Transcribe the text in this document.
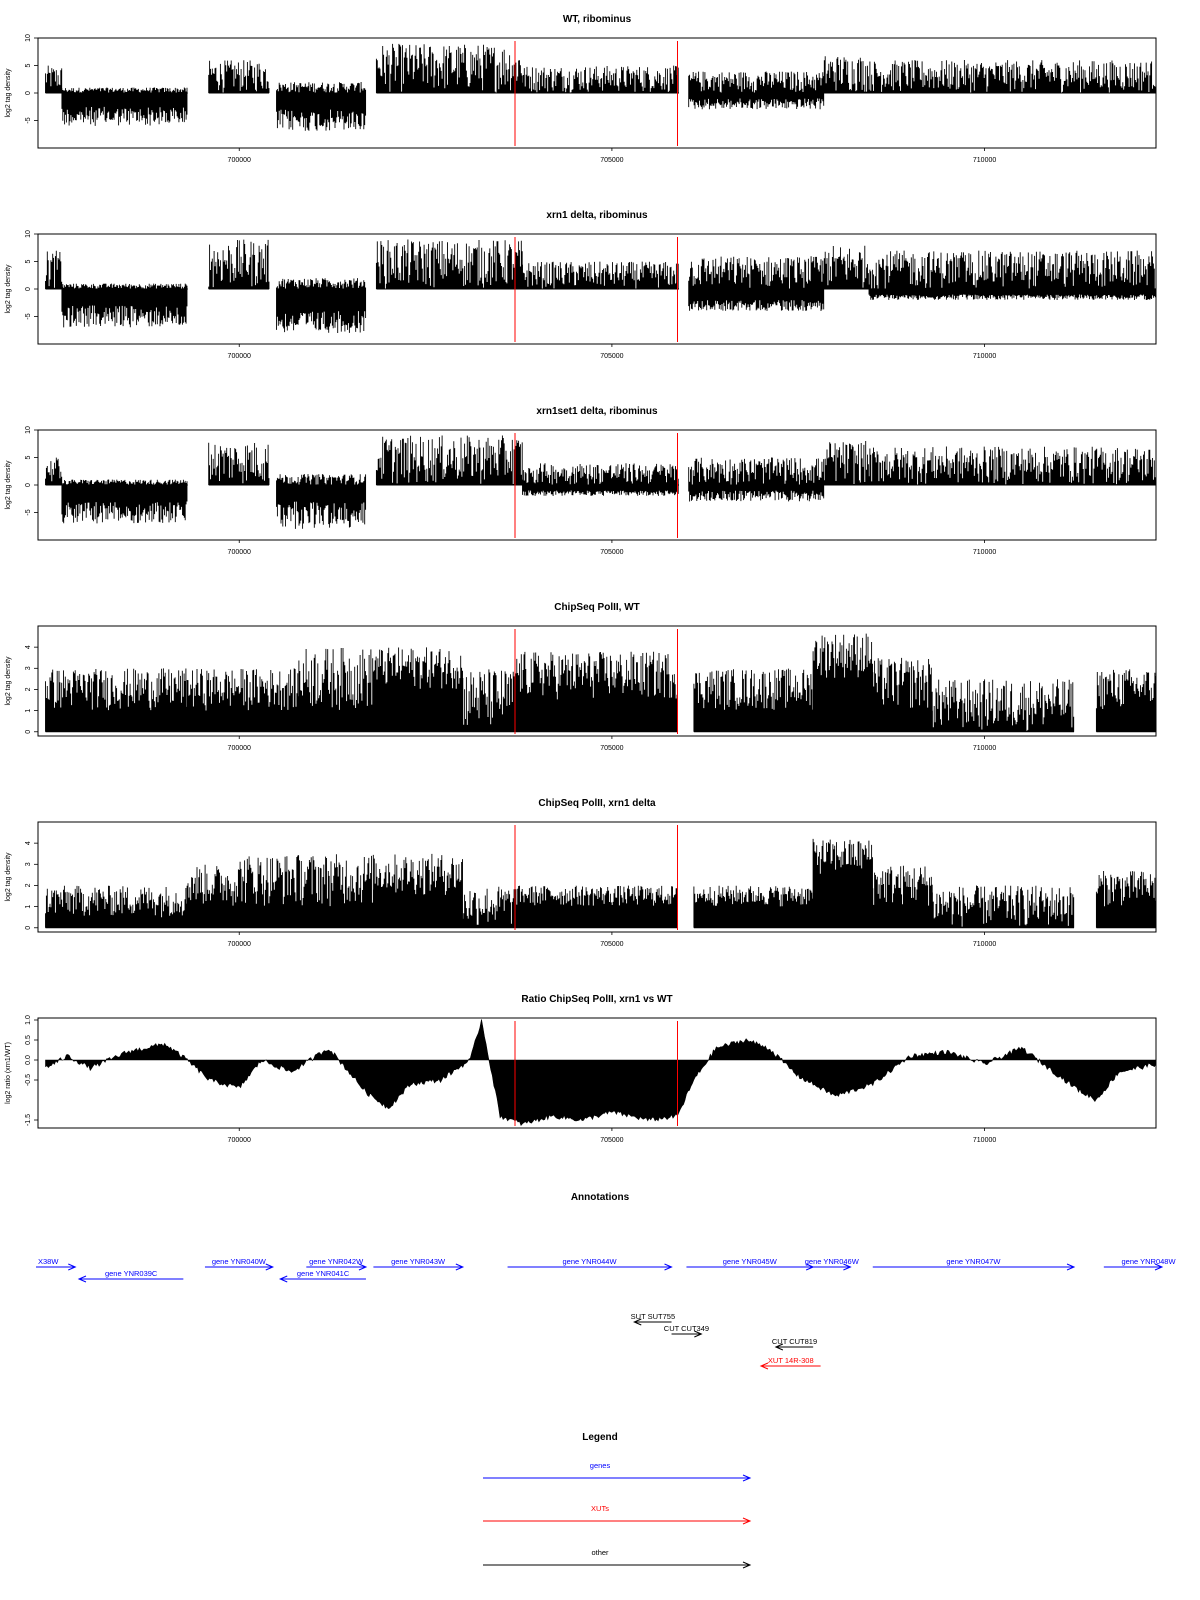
WT, ribominus
-5
0
5
10
log2 tag density
700000	705000	710000
xrn1 delta, ribominus
-5
0
5
10
log2 tag density
700000	705000	710000
xrn1set1 delta, ribominus
-5
0
5
10
log2 tag density
700000	705000	710000
ChipSeq PolII, WT
0
1
2
3
4
log2 tag density
700000	705000	710000
ChipSeq PolII, xrn1 delta
0
1
2
3
4
log2 tag density
700000	705000	710000
Ratio ChipSeq PolII, xrn1 vs WT
-1.5
-0.5
0.0
0.5
1.0
log2 ratio (xrn1/WT)
700000	705000	710000
Annotations
X38W
gene YNR039C
gene YNR040W
gene YNR041C
gene YNR042W	gene YNR043W	gene YNR044W	gene YNR045W	gene YNR046W	gene YNR047W	gene YNR048W
SUT SUT755
CUT CUT349
CUT CUT819
XUT 14R-308
Legend
genes
XUTs
other
